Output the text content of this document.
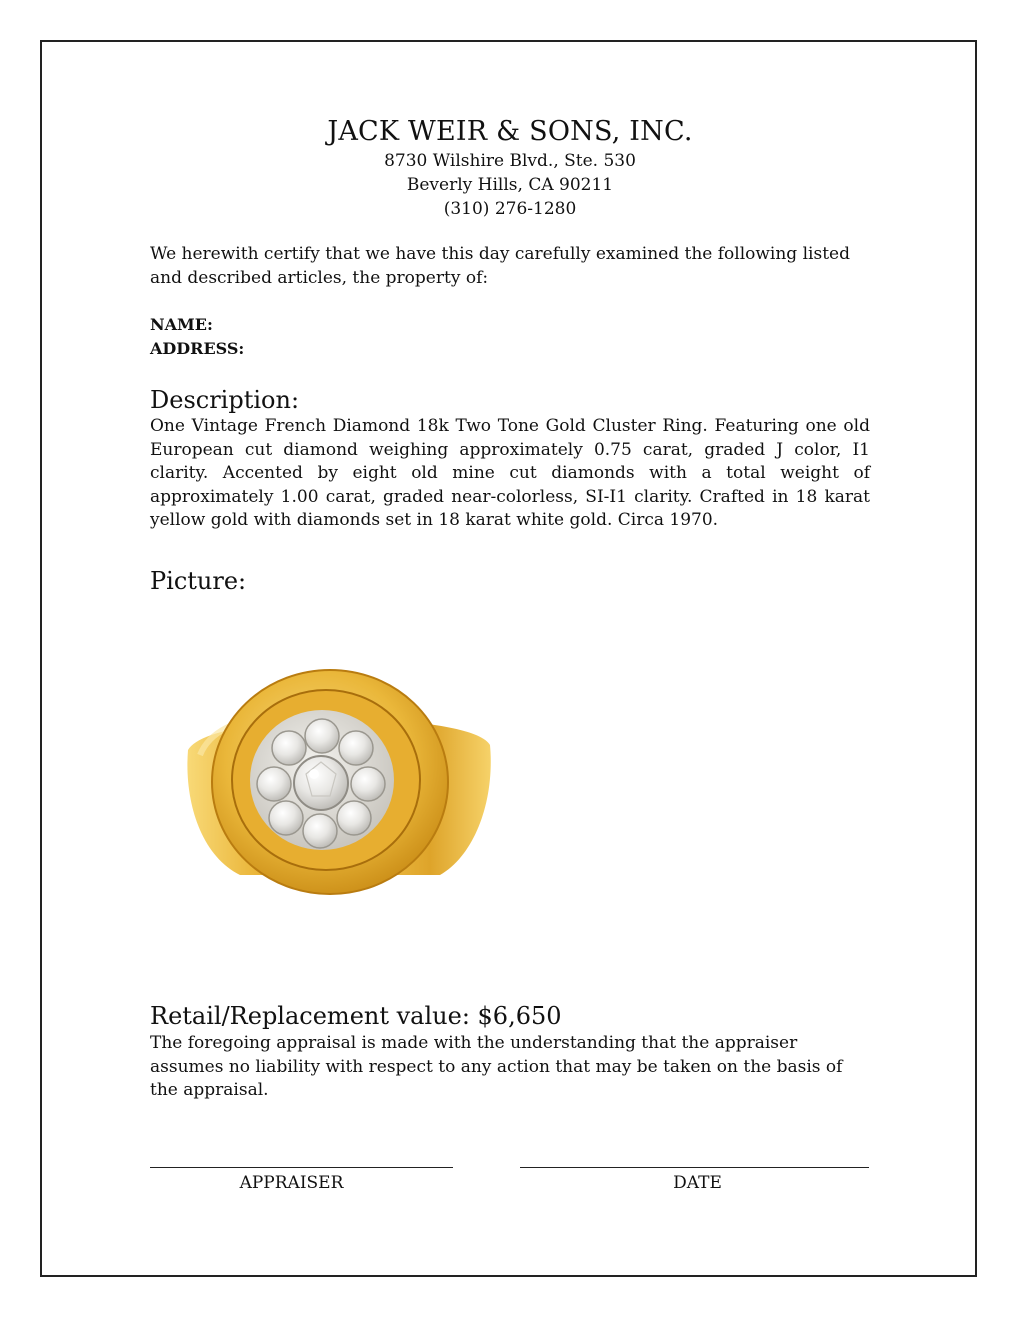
JACK WEIR & SONS, INC.
8730 Wilshire Blvd., Ste. 530
Beverly Hills, CA 90211
(310) 276-1280
We herewith certify that we have this day carefully examined the following listed and described articles, the property of:
NAME:
ADDRESS:
Description:
One Vintage French Diamond 18k Two Tone Gold Cluster Ring. Featuring one old European cut diamond weighing approximately 0.75 carat, graded J color, I1 clarity. Accented by eight old mine cut diamonds with a total weight of approximately 1.00 carat, graded near-colorless, SI-I1 clarity. Crafted in 18 karat yellow gold with diamonds set in 18 karat white gold. Circa 1970.
Picture:
Retail/Replacement value: $6,650
The foregoing appraisal is made with the understanding that the appraiser assumes no liability with respect to any action that may be taken on the basis of the appraisal.
APPRAISER	DATE
